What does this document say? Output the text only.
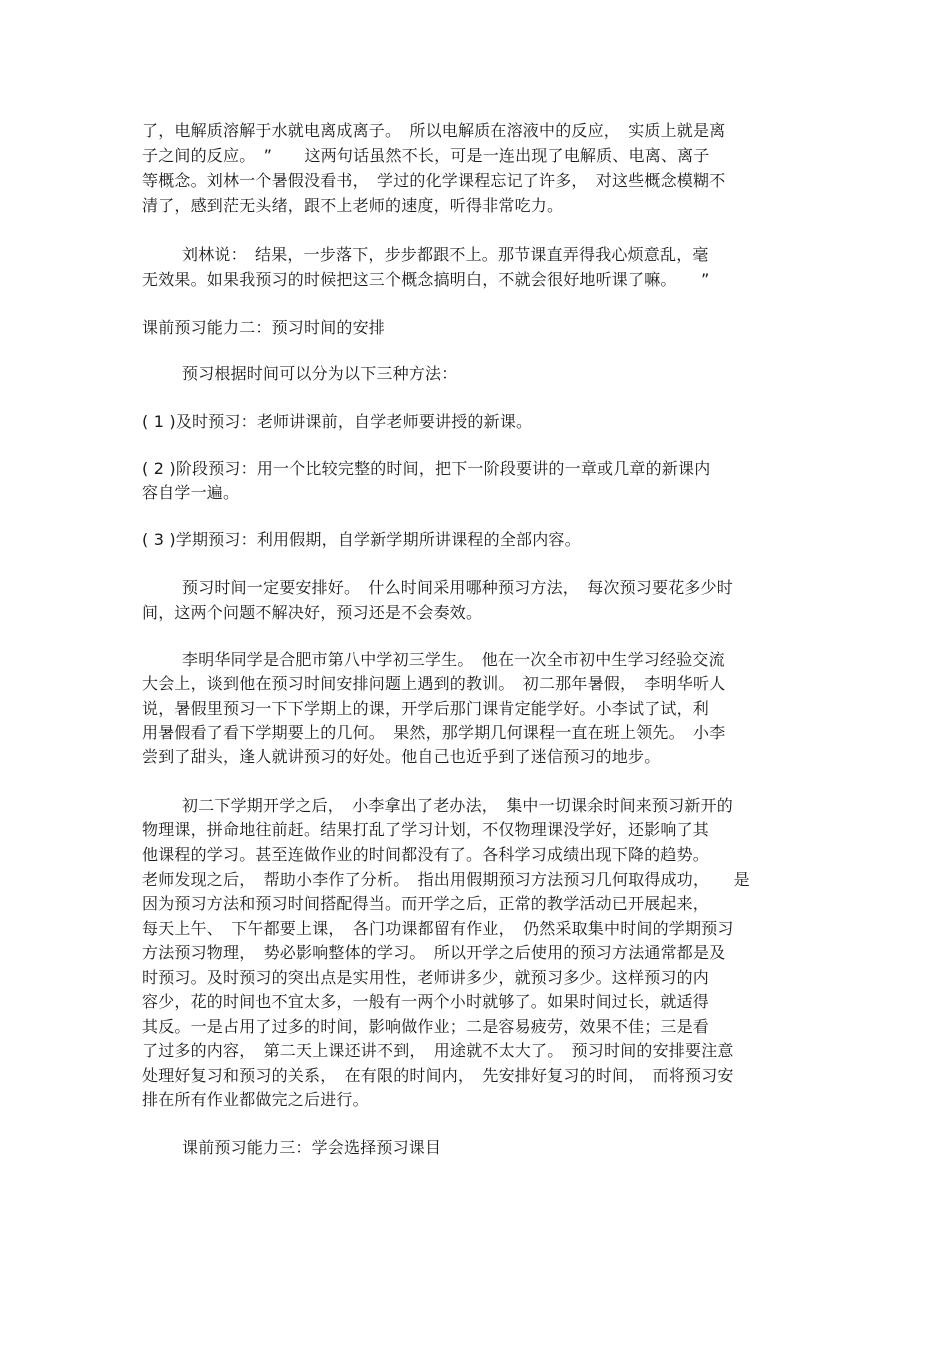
了，电解质溶解于水就电离成离子。　所以电解质在溶液中的反应，　实质上就是离
子之间的反应。　”　　这两句话虽然不长，可是一连出现了电解质、电离、离子
等概念。刘林一个暑假没看书，　学过的化学课程忘记了许多，　对这些概念模糊不
清了，感到茫无头绪，跟不上老师的速度，听得非常吃力。
刘林说：　结果，一步落下，步步都跟不上。那节课直弄得我心烦意乱，毫
无效果。如果我预习的时候把这三个概念搞明白，不就会很好地听课了嘛。　　”
课前预习能力二：预习时间的安排
预习根据时间可以分为以下三种方法：
( 1 )及时预习：老师讲课前，自学老师要讲授的新课。
( 2 )阶段预习：用一个比较完整的时间，把下一阶段要讲的一章或几章的新课内
容自学一遍。
( 3 )学期预习：利用假期，自学新学期所讲课程的全部内容。
预习时间一定要安排好。　什么时间采用哪种预习方法，　每次预习要花多少时
间，这两个问题不解决好，预习还是不会奏效。
李明华同学是合肥市第八中学初三学生。　他在一次全市初中生学习经验交流
大会上，谈到他在预习时间安排问题上遇到的教训。　初二那年暑假，　李明华听人
说，暑假里预习一下下学期上的课，开学后那门课肯定能学好。小李试了试，利
用暑假看了看下学期要上的几何。　果然，那学期几何课程一直在班上领先。　小李
尝到了甜头，逢人就讲预习的好处。他自己也近乎到了迷信预习的地步。
初二下学期开学之后，　小李拿出了老办法，　集中一切课余时间来预习新开的
物理课，拼命地往前赶。结果打乱了学习计划，不仅物理课没学好，还影响了其
他课程的学习。甚至连做作业的时间都没有了。各科学习成绩出现下降的趋势。
老师发现之后，　帮助小李作了分析。　指出用假期预习方法预习几何取得成功，　　是
因为预习方法和预习时间搭配得当。而开学之后，正常的教学活动已开展起来，
每天上午、　下午都要上课，　各门功课都留有作业，　仍然采取集中时间的学期预习
方法预习物理，　势必影响整体的学习。　所以开学之后使用的预习方法通常都是及
时预习。及时预习的突出点是实用性，老师讲多少，就预习多少。这样预习的内
容少，花的时间也不宜太多，一般有一两个小时就够了。如果时间过长，就适得
其反。一是占用了过多的时间，影响做作业；二是容易疲劳，效果不佳；三是看
了过多的内容，　第二天上课还讲不到，　用途就不太大了。　预习时间的安排要注意
处理好复习和预习的关系，　在有限的时间内，　先安排好复习的时间，　而将预习安
排在所有作业都做完之后进行。
课前预习能力三：学会选择预习课目
